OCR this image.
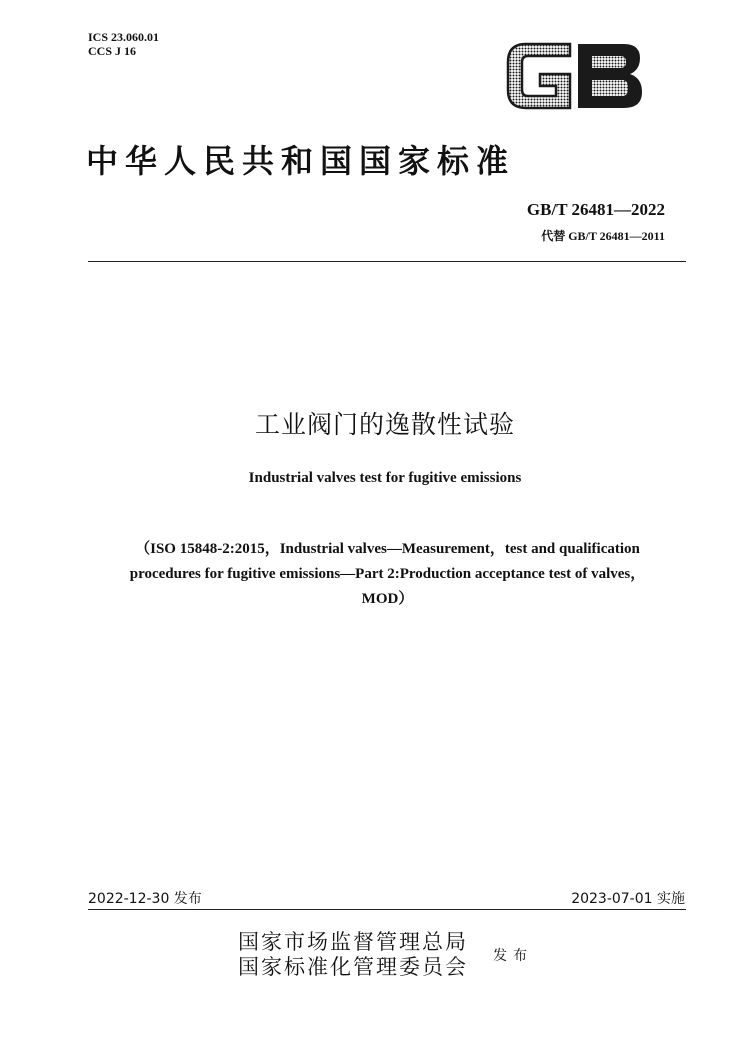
ICS 23.060.01
CCS J 16
中华人民共和国国家标准
GB/T 26481—2022
代替 GB/T 26481—2011
工业阀门的逸散性试验
Industrial valves test for fugitive emissions
（ISO 15848-2:2015，Industrial valves—Measurement，test and qualification procedures for fugitive emissions—Part 2:Production acceptance test of valves，MOD）
2022-12-30 发布	2023-07-01 实施
国家市场监督管理总局
国家标准化管理委员会 发布
